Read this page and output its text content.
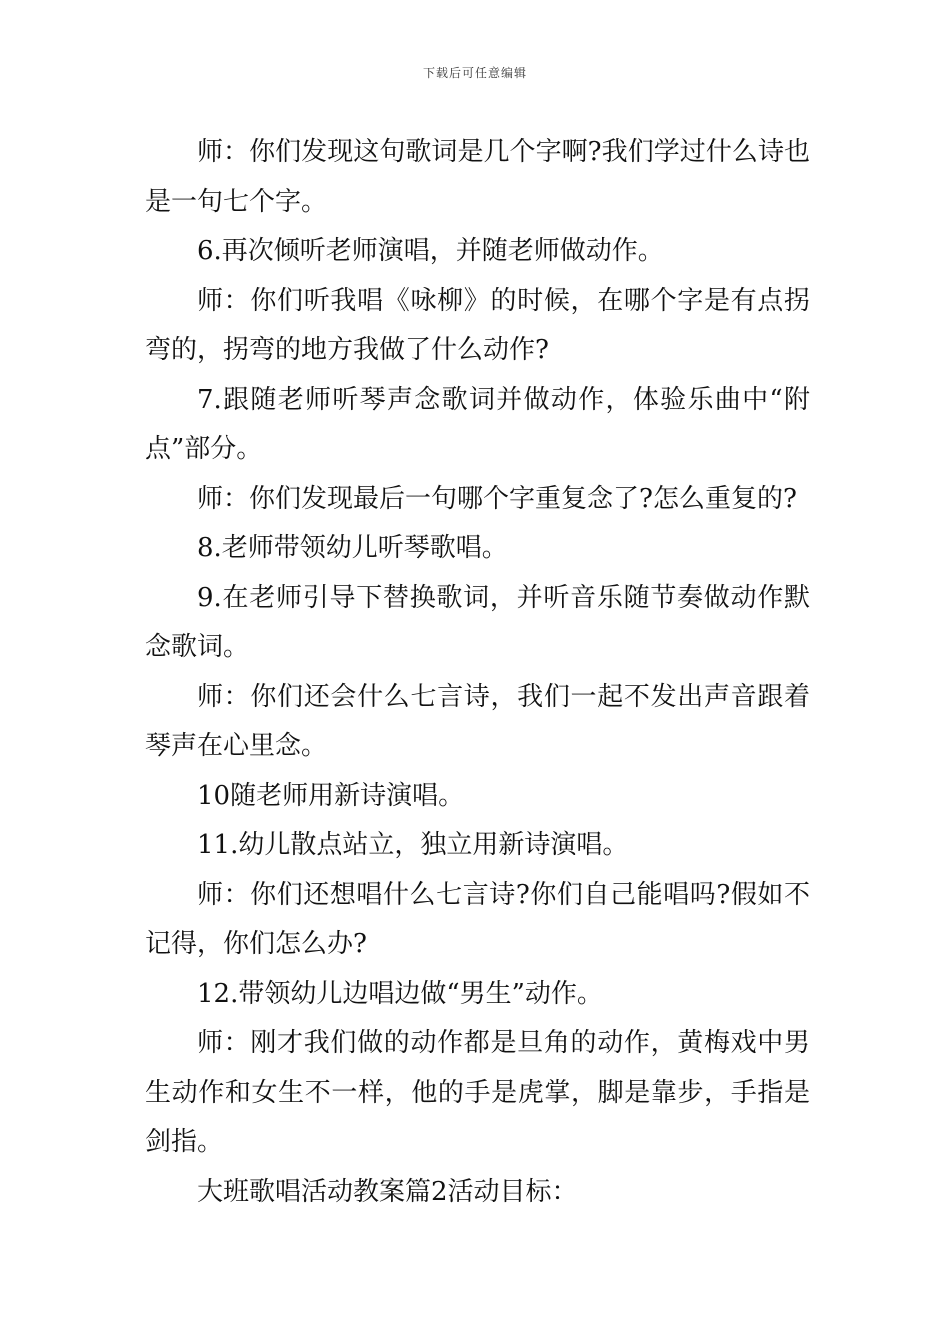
下载后可任意编辑

师：你们发现这句歌词是几个字啊?我们学过什么诗也是一句七个字。

6.再次倾听老师演唱，并随老师做动作。

师：你们听我唱《咏柳》的时候，在哪个字是有点拐弯的，拐弯的地方我做了什么动作?

7.跟随老师听琴声念歌词并做动作，体验乐曲中“附点”部分。

师：你们发现最后一句哪个字重复念了?怎么重复的?

8.老师带领幼儿听琴歌唱。

9.在老师引导下替换歌词，并听音乐随节奏做动作默念歌词。

师：你们还会什么七言诗，我们一起不发出声音跟着琴声在心里念。

10随老师用新诗演唱。

11.幼儿散点站立，独立用新诗演唱。

师：你们还想唱什么七言诗?你们自己能唱吗?假如不记得，你们怎么办?

12.带领幼儿边唱边做“男生”动作。

师：刚才我们做的动作都是旦角的动作，黄梅戏中男生动作和女生不一样，他的手是虎掌，脚是靠步，手指是剑指。

大班歌唱活动教案篇2活动目标：
